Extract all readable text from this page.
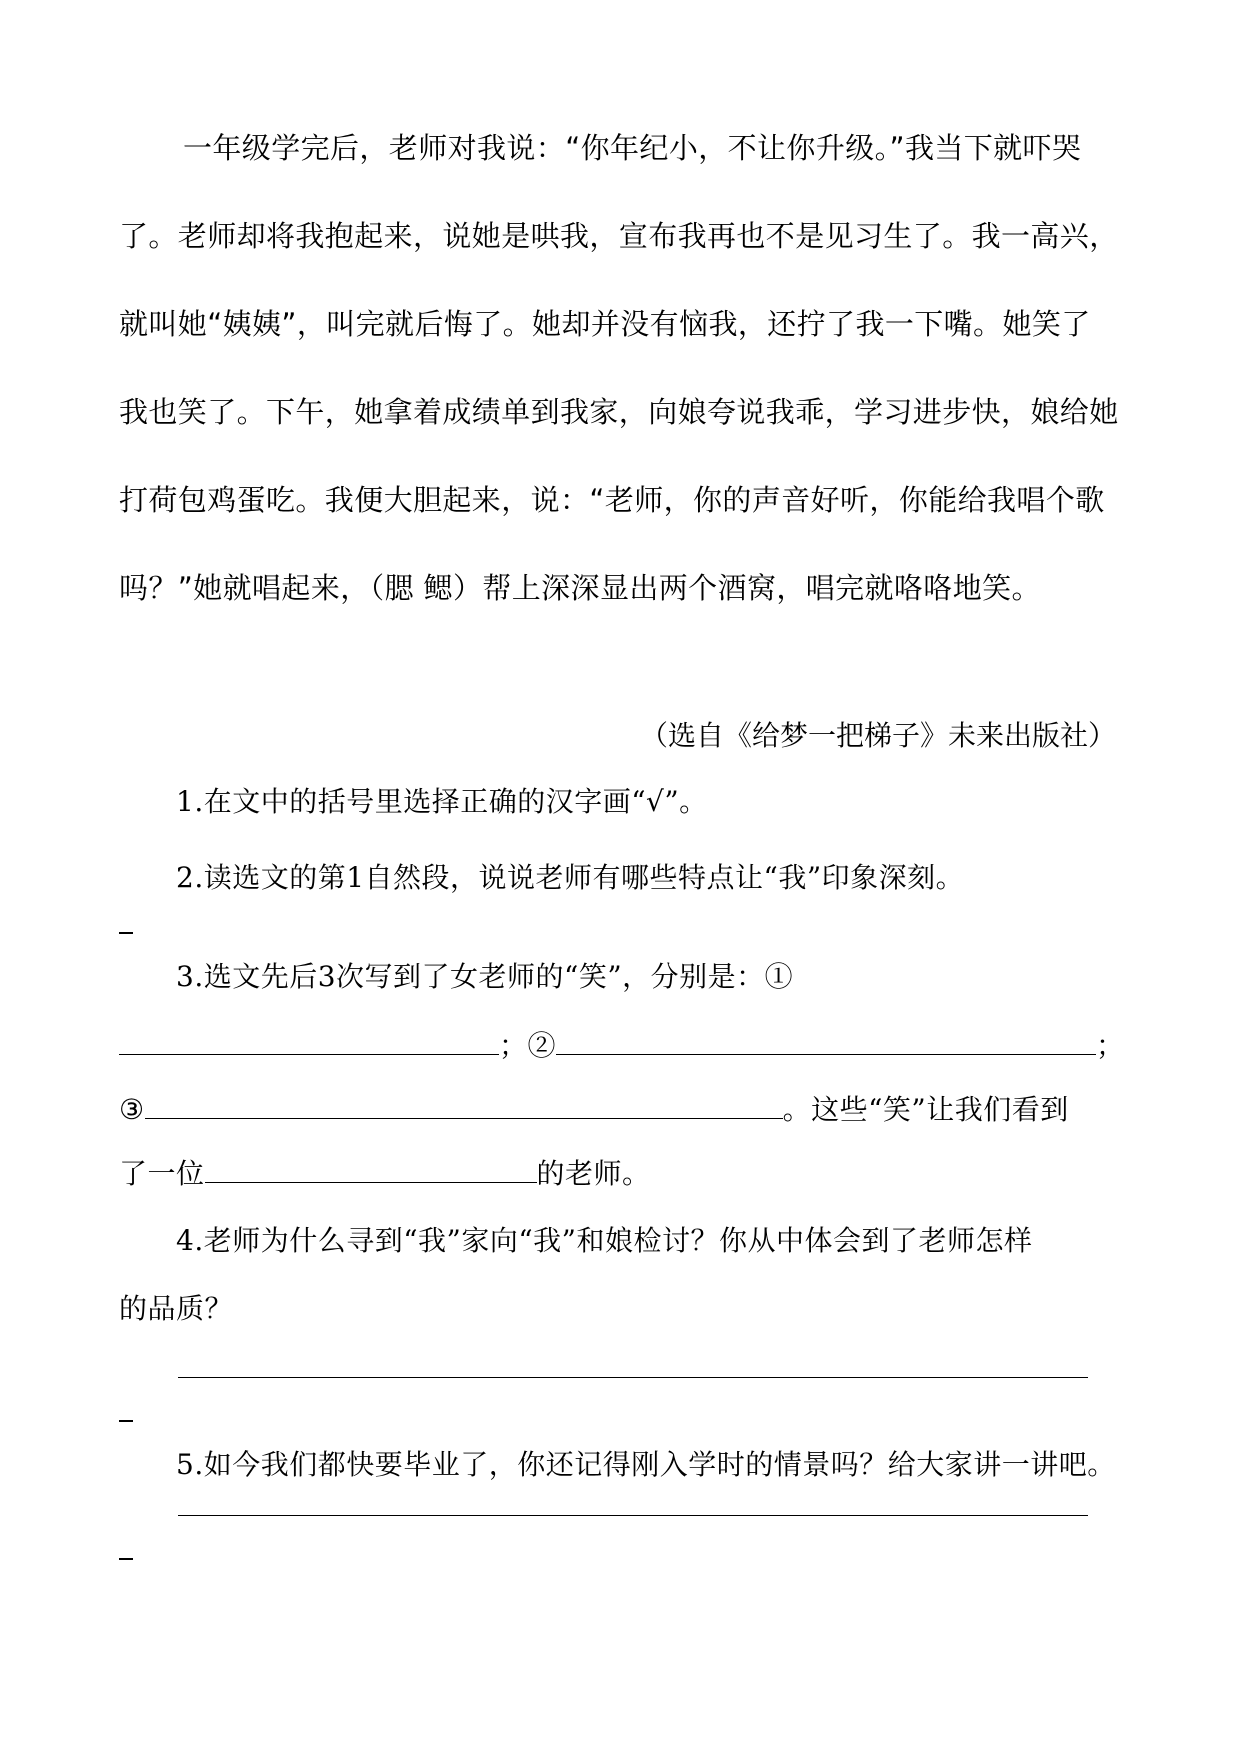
一年级学完后，老师对我说：“你年纪小，不让你升级。”我当下就吓哭
了。老师却将我抱起来，说她是哄我，宣布我再也不是见习生了。我一高兴，
就叫她“姨姨”，叫完就后悔了。她却并没有恼我，还拧了我一下嘴。她笑了
我也笑了。下午，她拿着成绩单到我家，向娘夸说我乖，学习进步快，娘给她
打荷包鸡蛋吃。我便大胆起来，说：“老师，你的声音好听，你能给我唱个歌
吗？”她就唱起来，（腮 鳃）帮上深深显出两个酒窝，唱完就咯咯地笑。
（选自《给梦一把梯子》未来出版社）
1.在文中的括号里选择正确的汉字画“√”。
2.读选文的第1自然段，说说老师有哪些特点让“我”印象深刻。
3.选文先后3次写到了女老师的“笑”，分别是：①
；②	；
③	。这些“笑”让我们看到
了一位	的老师。
4.老师为什么寻到“我”家向“我”和娘检讨？你从中体会到了老师怎样
的品质？
5.如今我们都快要毕业了，你还记得刚入学时的情景吗？给大家讲一讲吧。
